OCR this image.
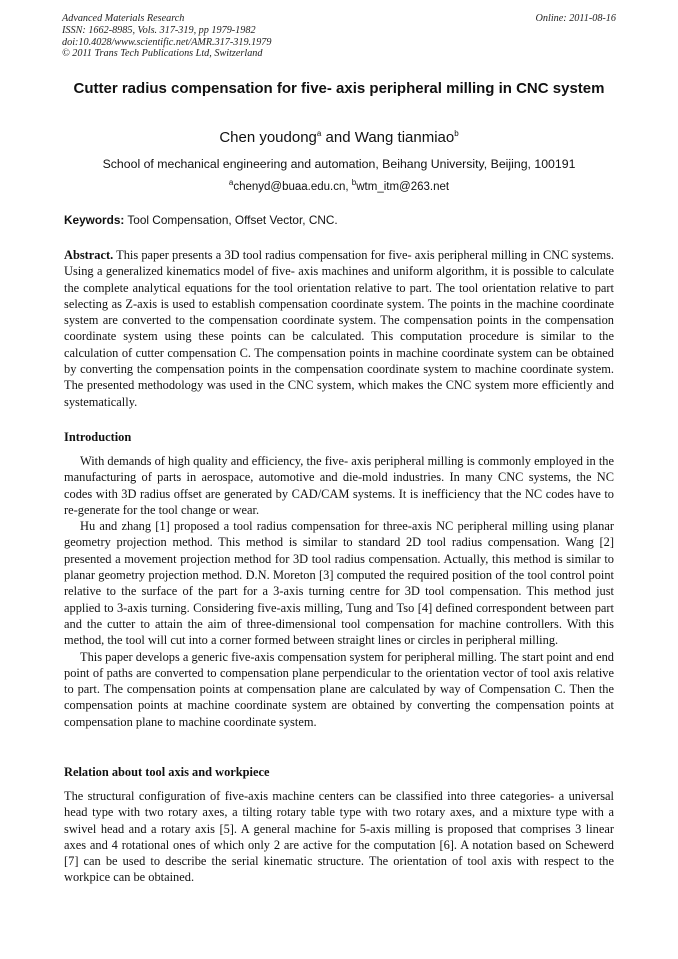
Advanced Materials Research
ISSN: 1662-8985, Vols. 317-319, pp 1979-1982
doi:10.4028/www.scientific.net/AMR.317-319.1979
© 2011 Trans Tech Publications Ltd, Switzerland
Online: 2011-08-16
Cutter radius compensation for five- axis peripheral milling in CNC system
Chen youdong$^a$ and Wang tianmiao$^b$
School of mechanical engineering and automation, Beihang University, Beijing, 100191
$^a$chenyd@buaa.edu.cn, $^b$wtm_itm@263.net
Keywords: Tool Compensation, Offset Vector, CNC.
Abstract. This paper presents a 3D tool radius compensation for five- axis peripheral milling in CNC systems. Using a generalized kinematics model of five- axis machines and uniform algorithm, it is possible to calculate the complete analytical equations for the tool orientation relative to part. The tool orientation relative to part selecting as Z-axis is used to establish compensation coordinate system. The points in the machine coordinate system are converted to the compensation coordinate system. The compensation points in the compensation coordinate system using these points can be calculated. This computation procedure is similar to the calculation of cutter compensation C. The compensation points in machine coordinate system can be obtained by converting the compensation points in the compensation coordinate system to machine coordinate system. The presented methodology was used in the CNC system, which makes the CNC system more efficiently and systematically.
Introduction

With demands of high quality and efficiency, the five- axis peripheral milling is commonly employed in the manufacturing of parts in aerospace, automotive and die-mold industries. In many CNC systems, the NC codes with 3D radius offset are generated by CAD/CAM systems. It is inefficiency that the NC codes have to re-generate for the tool change or wear.

Hu and zhang [1] proposed a tool radius compensation for three-axis NC peripheral milling using planar geometry projection method. This method is similar to standard 2D tool radius compensation. Wang [2] presented a movement projection method for 3D tool radius compensation. Actually, this method is similar to planar geometry projection method. D.N. Moreton [3] computed the required position of the tool control point relative to the surface of the part for a 3-axis turning centre for 3D tool compensation. This method just applied to 3-axis turning. Considering five-axis milling, Tung and Tso [4] defined correspondent between part and the cutter to attain the aim of three-dimensional tool compensation for machine controllers. With this method, the tool will cut into a corner formed between straight lines or circles in peripheral milling.

This paper develops a generic five-axis compensation system for peripheral milling. The start point and end point of paths are converted to compensation plane perpendicular to the orientation vector of tool axis relative to part. The compensation points at compensation plane are calculated by way of Compensation C. Then the compensation points at machine coordinate system are obtained by converting the compensation points at compensation plane to machine coordinate system.

Relation about tool axis and workpiece

The structural configuration of five-axis machine centers can be classified into three categories- a universal head type with two rotary axes, a tilting rotary table type with two rotary axes, and a mixture type with a swivel head and a rotary axis [5]. A general machine for 5-axis milling is proposed that comprises 3 linear axes and 4 rotational ones of which only 2 are active for the computation [6]. A notation based on Schewerd [7] can be used to describe the serial kinematic structure. The orientation of tool axis with respect to the workpice can be obtained.
